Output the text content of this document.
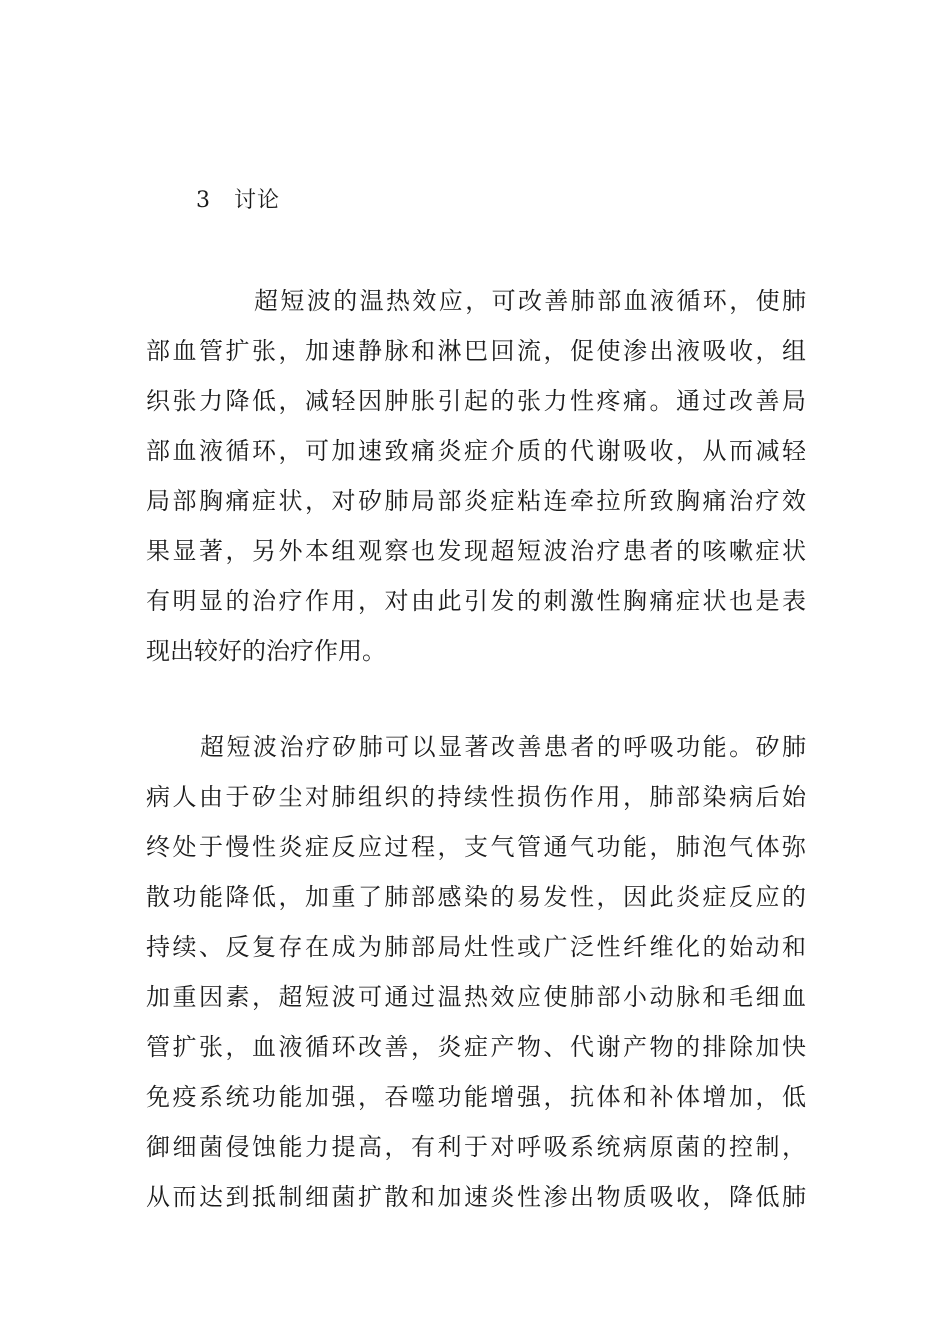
3 讨论
超短波的温热效应，可改善肺部血液循环，使肺
部血管扩张，加速静脉和淋巴回流，促使渗出液吸收，组
织张力降低，减轻因肿胀引起的张力性疼痛。通过改善局
部血液循环，可加速致痛炎症介质的代谢吸收，从而减轻
局部胸痛症状，对矽肺局部炎症粘连牵拉所致胸痛治疗效
果显著，另外本组观察也发现超短波治疗患者的咳嗽症状
有明显的治疗作用，对由此引发的刺激性胸痛症状也是表
现出较好的治疗作用。
超短波治疗矽肺可以显著改善患者的呼吸功能。矽肺
病人由于矽尘对肺组织的持续性损伤作用，肺部染病后始
终处于慢性炎症反应过程，支气管通气功能，肺泡气体弥
散功能降低，加重了肺部感染的易发性，因此炎症反应的
持续、反复存在成为肺部局灶性或广泛性纤维化的始动和
加重因素，超短波可通过温热效应使肺部小动脉和毛细血
管扩张，血液循环改善，炎症产物、代谢产物的排除加快
免疫系统功能加强，吞噬功能增强，抗体和补体增加，低
御细菌侵蚀能力提高，有利于对呼吸系统病原菌的控制，
从而达到抵制细菌扩散和加速炎性渗出物质吸收，降低肺
